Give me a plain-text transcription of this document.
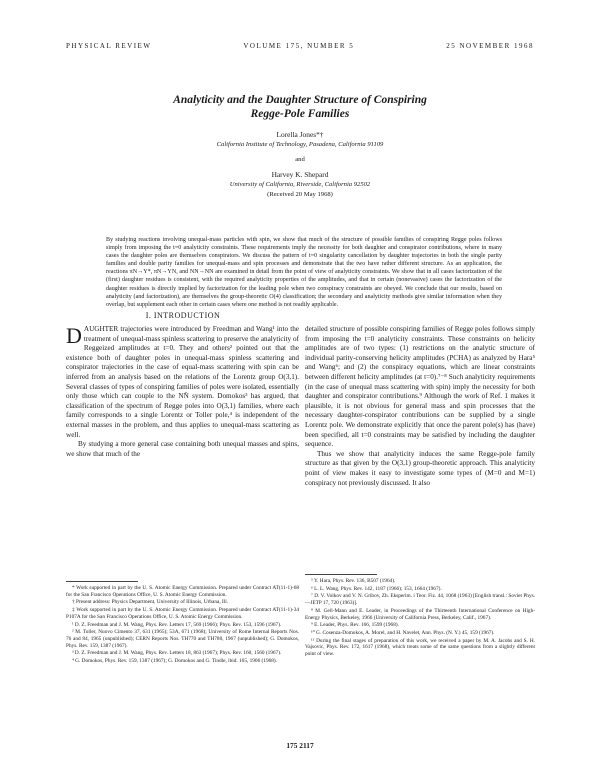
PHYSICAL REVIEW	VOLUME 175, NUMBER 5	25 NOVEMBER 1968
Analyticity and the Daughter Structure of Conspiring
Regge-Pole Families
Lorella Jones*†
California Institute of Technology, Pasadena, California 91109
and
Harvey K. Shepard
University of California, Riverside, California 92502
(Received 20 May 1968)
By studying reactions involving unequal-mass particles with spin, we show that much of the structure of possible families of conspiring Regge poles follows simply from imposing the t=0 analyticity constraints. These requirements imply the necessity for both daughter and conspirator contributions, where in many cases the daughter poles are themselves conspirators. We discuss the pattern of t=0 singularity cancellation by daughter trajectories in both the single parity families and double parity families for unequal-mass and spin processes and demonstrate that the two have rather different structure. As an application, the reactions πN→Y*, πN→YN, and NN→NN are examined in detail from the point of view of analyticity constraints. We show that in all cases factorization of the (first) daughter residues is consistent, with the required analyticity properties of the amplitudes, and that in certain (nonevasive) cases the factorization of the daughter residues is directly implied by factorization for the leading pole when two conspiracy constraints are obeyed. We conclude that our results, based on analyticity (and factorization), are themselves the group-theoretic O(4) classification; the secondary and analyticity methods give similar information when they overlap, but supplement each other in certain cases where one method is not readily applicable.
I. INTRODUCTION

DAUGHTER trajectories were introduced by Freedman and Wang¹ into the treatment of unequal-mass spinless scattering to preserve the analyticity of Reggeized amplitudes at t=0. They and others² pointed out that the existence both of daughter poles in unequal-mass spinless scattering and conspirator trajectories in the case of equal-mass scattering with spin can be inferred from an analysis based on the relations of the Lorentz group O(3,1). Several classes of types of conspiring families of poles were isolated, essentially only those which can couple to the NN̄ system. Domokos³ has argued, that classification of the spectrum of Regge poles into O(3,1) families, where each family corresponds to a single Lorentz or Toller pole,⁴ is independent of the external masses in the problem, and thus applies to unequal-mass scattering as well.

By studying a more general case containing both unequal masses and spins, we show that much of the

detailed structure of possible conspiring families of Regge poles follows simply from imposing the t=0 analyticity constraints. These constraints on helicity amplitudes are of two types: (1) restrictions on the analytic structure of individual parity-conserving helicity amplitudes (PCHA) as analyzed by Hara⁵ and Wang⁶; and (2) the conspiracy equations, which are linear constraints between different helicity amplitudes (at t=0).⁷⁻⁸ Such analyticity requirements (in the case of unequal mass scattering with spin) imply the necessity for both daughter and conspirator contributions.⁹ Although the work of Ref. 1 makes it plausible, it is not obvious for general mass and spin processes that the necessary daughter-conspirator contributions can be supplied by a single Lorentz pole. We demonstrate explicitly that once the parent pole(s) has (have) been specified, all t=0 constraints may be satisfied by including the daughter sequence.

Thus we show that analyticity induces the same Regge-pole family structure as that given by the O(3,1) group-theoretic approach. This analyticity point of view makes it easy to investigate some types of (M=0 and M=1) conspiracy not previously discussed. It also

* Work supported in part by the U. S. Atomic Energy Commission. Prepared under Contract AT(11-1)-68 for the San Francisco Operations Office, U. S. Atomic Energy Commission.

† Present address: Physics Department, University of Illinois, Urbana, Ill.

‡ Work supported in part by the U. S. Atomic Energy Commission. Prepared under Contract AT(11-1)-34 P107A for the San Francisco Operations Office, U. S. Atomic Energy Commission.

¹ D. Z. Freedman and J. M. Wang, Phys. Rev. Letters 17, 569 (1966); Phys. Rev. 153, 1596 (1967).

² M. Toller, Nuovo Cimento 37, 631 (1965); 53A, 671 (1968); University of Rome Internal Reports Nos. 76 and 84, 1965 (unpublished); CERN Reports Nos. TH770 and TH780, 1967 (unpublished); G. Domokos, Phys. Rev. 159, 1387 (1967).

³ D. Z. Freedman and J. M. Wang, Phys. Rev. Letters 18, 863 (1967); Phys. Rev. 160, 1560 (1967).

⁴ G. Domokos, Phys. Rev. 159, 1387 (1967); G. Domokos and G. Tindle, ibid. 165, 1906 (1968).

⁵ Y. Hara, Phys. Rev. 136, B507 (1964).

⁶ L. L. Wang, Phys. Rev. 142, 1187 (1966); 153, 1664 (1967).

⁷ D. V. Volkov and V. N. Gribov, Zh. Eksperim. i Teor. Fiz. 44, 1068 (1963) [English transl.: Soviet Phys.—JETP 17, 720 (1963)].

⁸ M. Gell-Mann and E. Leader, in Proceedings of the Thirteenth International Conference on High-Energy Physics, Berkeley, 1966 (University of California Press, Berkeley, Calif., 1967).

⁹ E. Leader, Phys. Rev. 166, 1599 (1968).

¹⁰ G. Cosenza-Domokos, A. Morel, and H. Navelet, Ann. Phys. (N. Y.) 45, 159 (1967).

¹¹ During the final stages of preparation of this work, we received a paper by M. A. Jacobs and S. H. Vajsovic, Phys. Rev. 172, 1617 (1968), which treats some of the same questions from a slightly different point of view.

175 2117
